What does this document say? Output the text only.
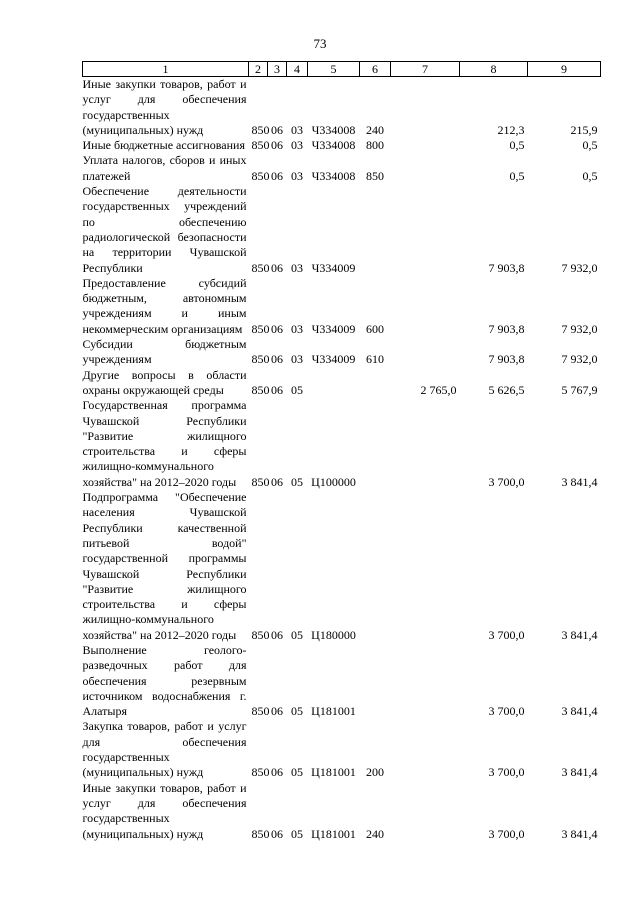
73
1	2	3	4	5	6	7	8	9
Иные закупки товаров, работ и услуг для обеспечения государственных (муниципальных) нужд	850	06	03	Ч334008	240		212,3	215,9
Иные бюджетные ассигнования	850	06	03	Ч334008	800		0,5	0,5
Уплата налогов, сборов и иных платежей	850	06	03	Ч334008	850		0,5	0,5
Обеспечение деятельности государственных учреждений по обеспечению радиологической безопасности на территории Чувашской Республики	850	06	03	Ч334009			7 903,8	7 932,0
Предоставление субсидий бюджетным, автономным учреждениям и иным некоммерческим организациям	850	06	03	Ч334009	600		7 903,8	7 932,0
Субсидии бюджетным учреждениям	850	06	03	Ч334009	610		7 903,8	7 932,0
Другие вопросы в области охраны окружающей среды	850	06	05			2 765,0	5 626,5	5 767,9
Государственная программа Чувашской Республики "Развитие жилищного строительства и сферы жилищно-коммунального хозяйства" на 2012–2020 годы	850	06	05	Ц100000			3 700,0	3 841,4
Подпрограмма "Обеспечение населения Чувашской Республики качественной питьевой водой" государственной программы Чувашской Республики "Развитие жилищного строительства и сферы жилищно-коммунального хозяйства" на 2012–2020 годы	850	06	05	Ц180000			3 700,0	3 841,4
Выполнение геолого-разведочных работ для обеспечения резервным источником водоснабжения г. Алатыря	850	06	05	Ц181001			3 700,0	3 841,4
Закупка товаров, работ и услуг для обеспечения государственных (муниципальных) нужд	850	06	05	Ц181001	200		3 700,0	3 841,4
Иные закупки товаров, работ и услуг для обеспечения государственных (муниципальных) нужд	850	06	05	Ц181001	240		3 700,0	3 841,4
